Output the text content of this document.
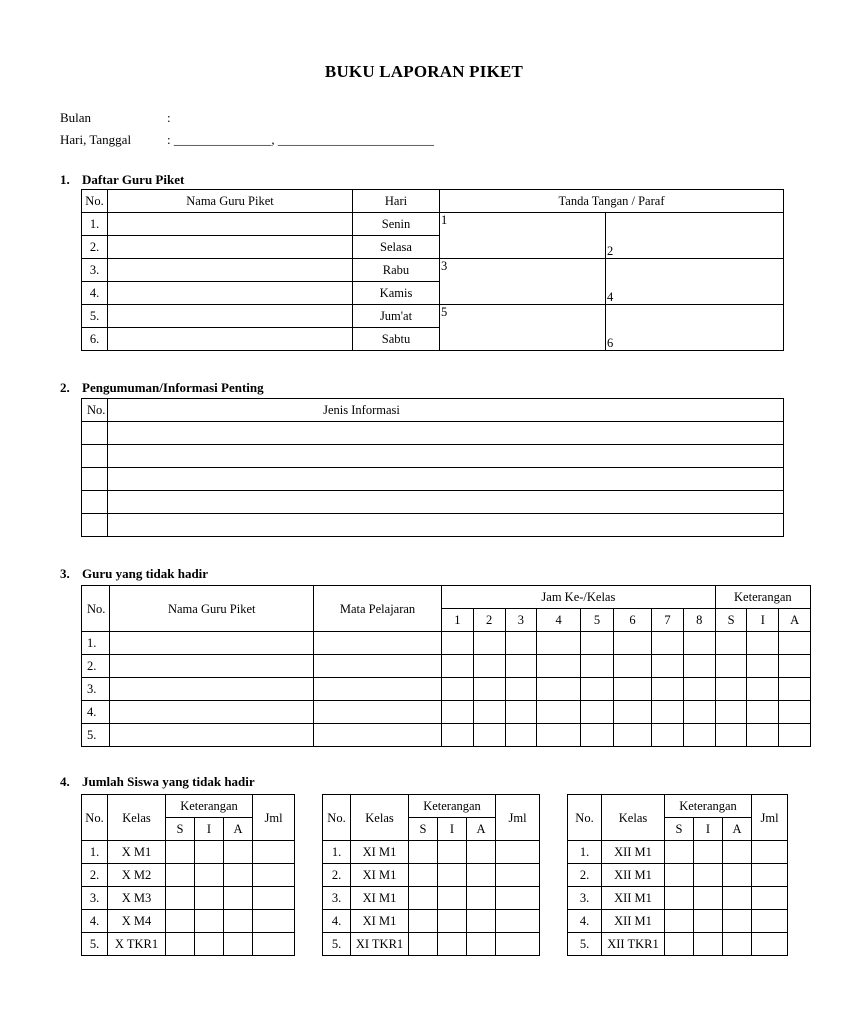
BUKU LAPORAN PIKET
Bulan	:
Hari, Tanggal	: _______________, ________________________
1. Daftar Guru Piket
No.	Nama Guru Piket	Hari	Tanda Tangan / Paraf	
1.		Senin	1	
2.		Selasa		2
3.		Rabu	3	
4.		Kamis		4
5.		Jum'at	5	
6.		Sabtu		6
2. Pengumuman/Informasi Penting
No.	Jenis Informasi

3. Guru yang tidak hadir
No.	Nama Guru Piket	Mata Pelajaran	Jam Ke-/Kelas								Keterangan		
			1	2	3	4	5	6	7	8	S	I	A
1.													
2.													
3.													
4.													
5.													
4. Jumlah Siswa yang tidak hadir
No.	Kelas	Keterangan			Jml
		S	I	A	
1.	X M1				
2.	X M2				
3.	X M3				
4.	X M4				
5.	X TKR1				
No.	Kelas	Keterangan			Jml
		S	I	A	
1.	XI M1				
2.	XI M1				
3.	XI M1				
4.	XI M1				
5.	XI TKR1				
No.	Kelas	Keterangan			Jml
		S	I	A	
1.	XII M1				
2.	XII M1				
3.	XII M1				
4.	XII M1				
5.	XII TKR1				
